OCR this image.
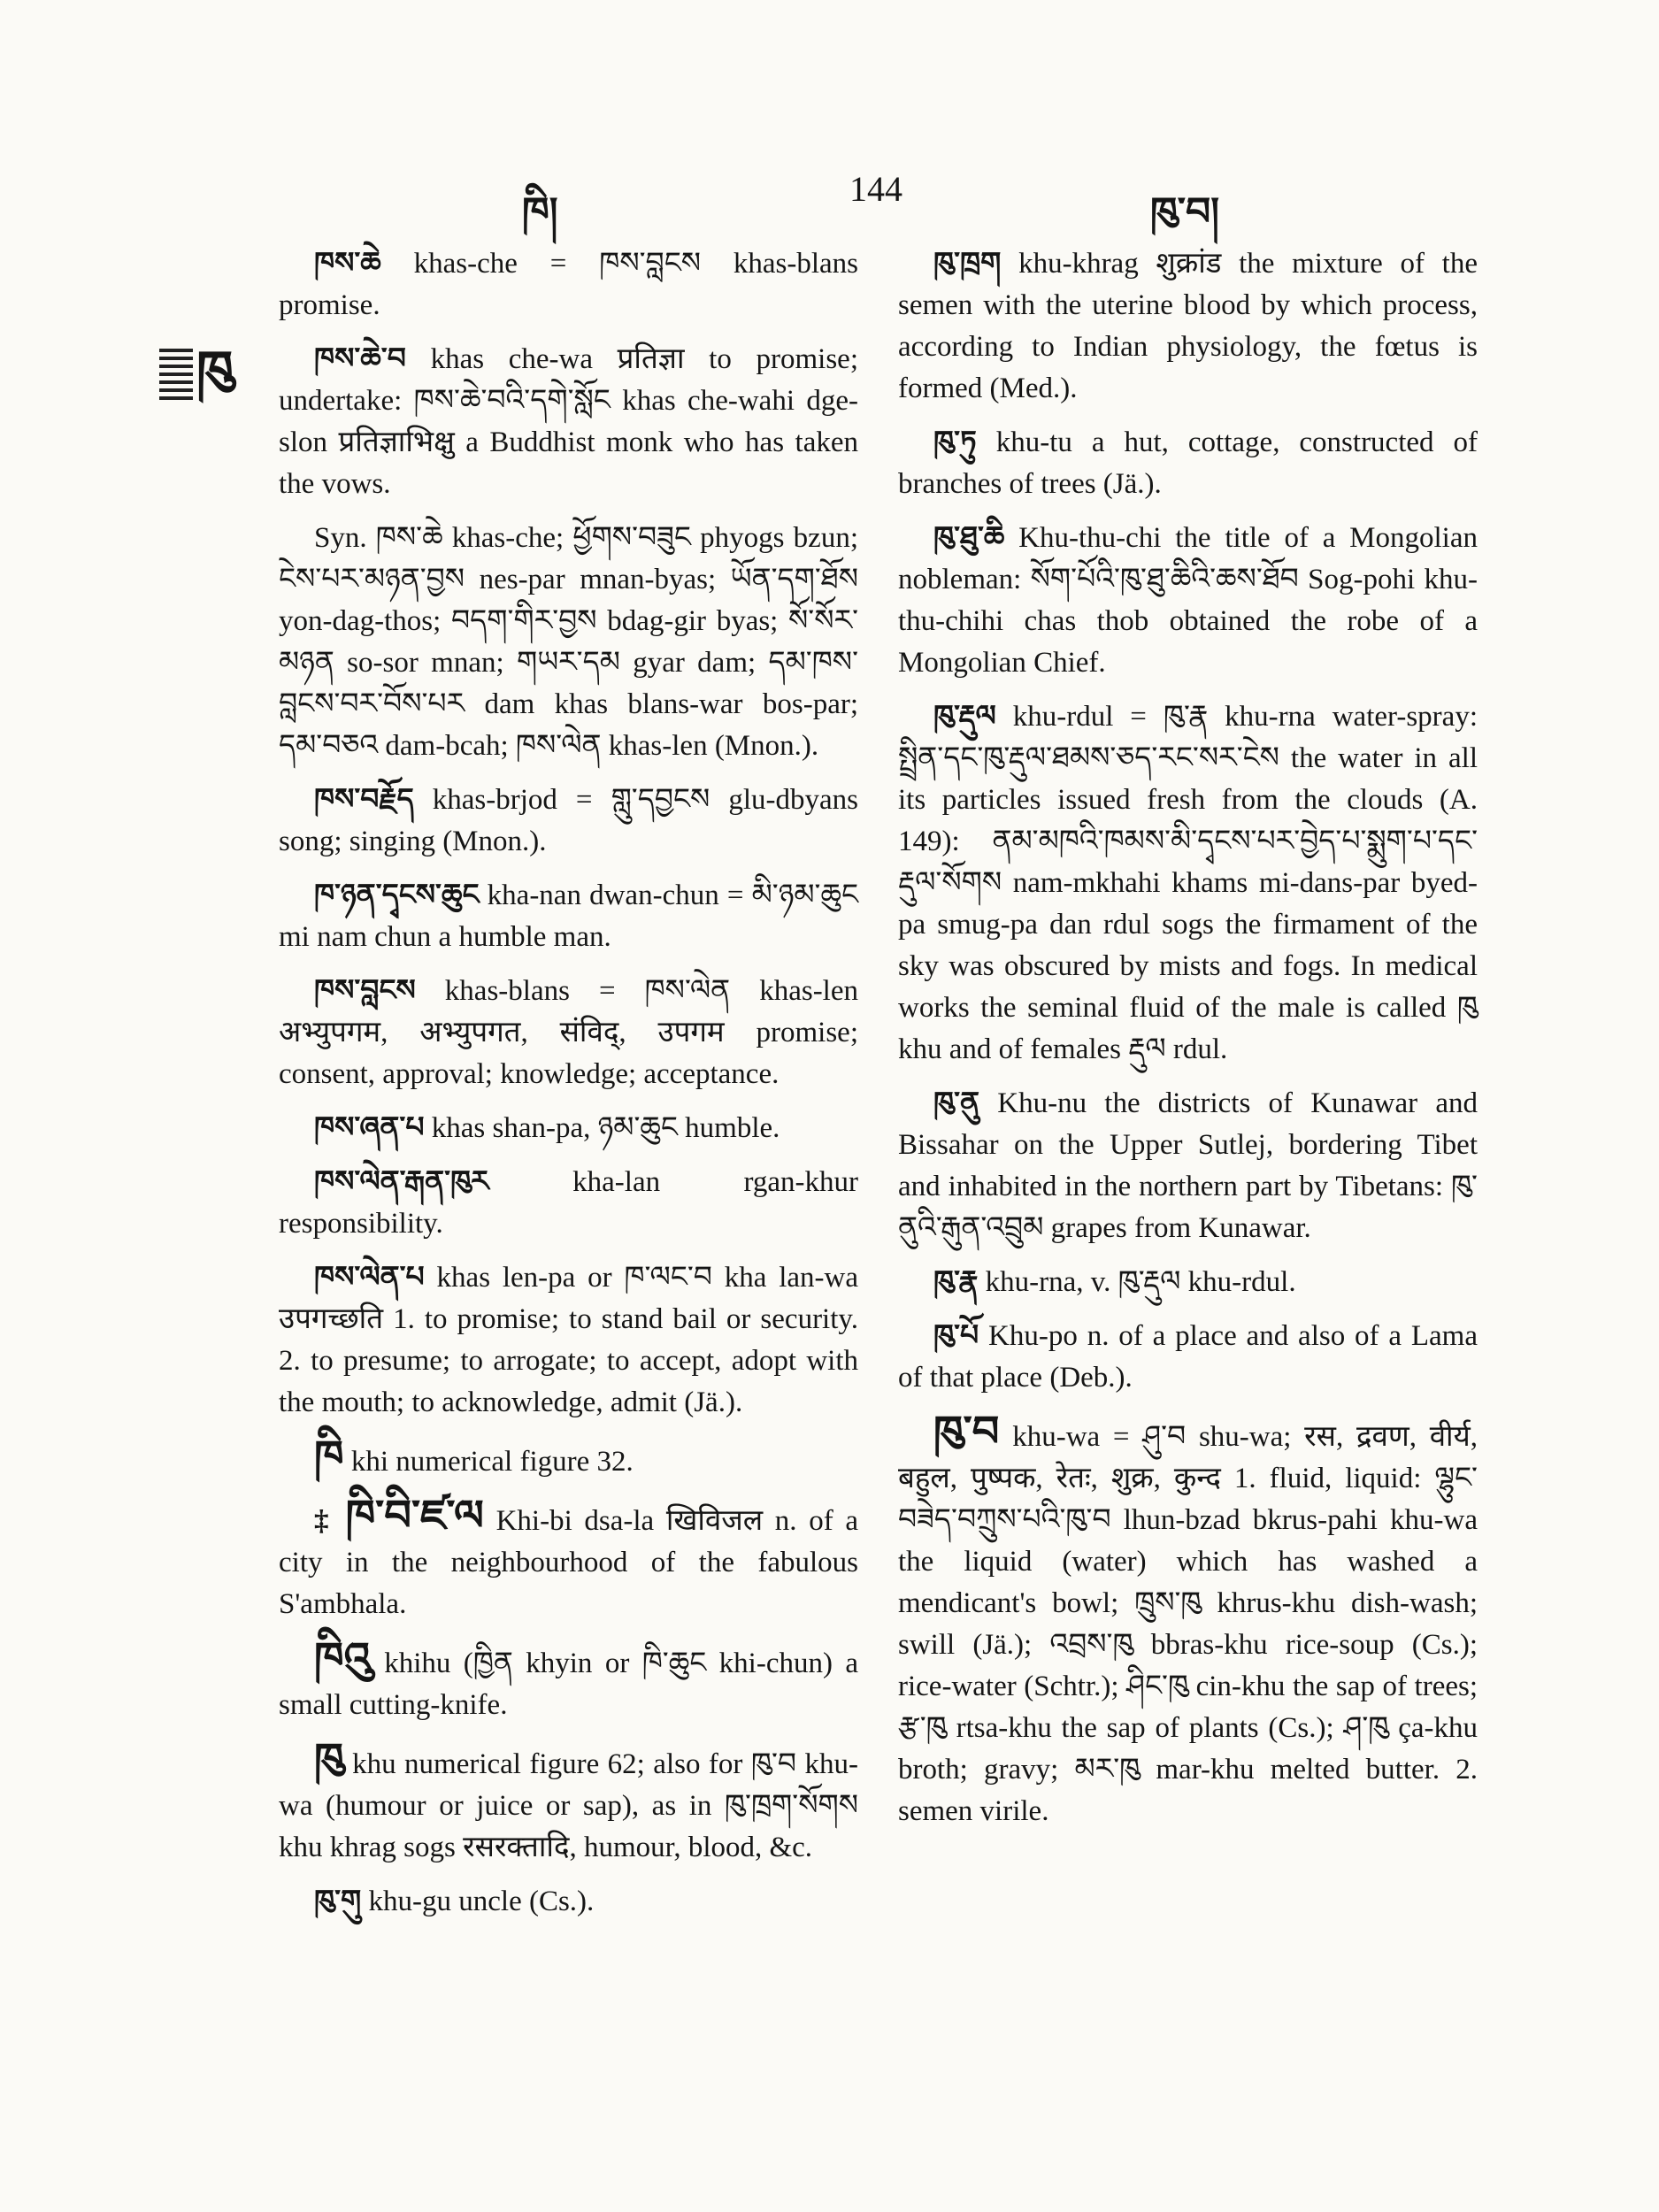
ཁི།
144
ཁུ་བ།
ཁུ

ཁས་ཆེ khas-che = ཁས་བླངས khas-blans promise.

ཁས་ཆེ་བ khas che-wa प्रतिज्ञा to promise; undertake: ཁས་ཆེ་བའི་དགེ་སློང khas che-wahi dge-slon प्रतिज्ञाभिक्षु a Buddhist monk who has taken the vows.

Syn. ཁས་ཆེ khas-che; ཕྱོགས་བཟུང phyogs bzun; ངེས་པར་མཉན་བྱས nes-par mnan-byas; ཡོན་དག་ཐོས yon-dag-thos; བདག་གིར་བྱས bdag-gir byas; སོ་སོར་མཉན so-sor mnan; གཡར་དམ gyar dam; དམ་ཁས་བླངས་བར་བོས་པར dam khas blans-war bos-par; དམ་བཅའ dam-bcah; ཁས་ལེན khas-len (Mnon.).

ཁས་བརྗོད khas-brjod = གླུ་དབྱངས glu-dbyans song; singing (Mnon.).

ཁ་ཉན་དྭངས་ཆུང kha-nan dwan-chun = མི་ཉམ་ཆུང mi nam chun a humble man.

ཁས་བླངས khas-blans = ཁས་ལེན khas-len अभ्युपगम, अभ्युपगत, संविद्, उपगम promise; consent, approval; knowledge; acceptance.

ཁས་ཞན་པ khas shan-pa, ཉམ་ཆུང humble.

ཁས་ལེན་རྒན་ཁུར kha-lan rgan-khur responsibility.

ཁས་ལེན་པ khas len-pa or ཁ་ལང་བ kha lan-wa उपगच्छति 1. to promise; to stand bail or security. 2. to presume; to arrogate; to accept, adopt with the mouth; to acknowledge, admit (Jä.).

ཁི khi numerical figure 32.

‡ ཁི་བི་ཛ་ལ Khi-bi dsa-la खिविजल n. of a city in the neighbourhood of the fabulous S'ambhala.

ཁིའུ khihu (ཁྱིན khyin or ཁི་ཆུང khi-chun) a small cutting-knife.

ཁུ khu numerical figure 62; also for ཁུ་བ khu-wa (humour or juice or sap), as in ཁུ་ཁྲག་སོགས khu khrag sogs रसरक्तादि, humour, blood, &c.

ཁུ་གུ khu-gu uncle (Cs.).

ཁུ་ཁྲག khu-khrag शुक्रांड the mixture of the semen with the uterine blood by which process, according to Indian physiology, the fœtus is formed (Med.).

ཁུ་ཏུ khu-tu a hut, cottage, constructed of branches of trees (Jä.).

ཁུ་ཐུ་ཆི Khu-thu-chi the title of a Mongolian nobleman: སོག་པོའི་ཁུ་ཐུ་ཆིའི་ཆས་ཐོབ Sog-pohi khu-thu-chihi chas thob obtained the robe of a Mongolian Chief.

ཁུ་རྡུལ khu-rdul = ཁུ་རྣ khu-rna water-spray: སྤྲིན་དང་ཁུ་རྡུལ་ཐམས་ཅད་རང་སར་ངེས the water in all its particles issued fresh from the clouds (A. 149): ནམ་མཁའི་ཁམས་མི་དྭངས་པར་བྱེད་པ་སྨུག་པ་དང་རྡུལ་སོགས nam-mkhahi khams mi-dans-par byed-pa smug-pa dan rdul sogs the firmament of the sky was obscured by mists and fogs. In medical works the seminal fluid of the male is called ཁུ khu and of females རྡུལ rdul.

ཁུ་ནུ Khu-nu the districts of Kunawar and Bissahar on the Upper Sutlej, bordering Tibet and inhabited in the northern part by Tibetans: ཁུ་ནུའི་རྒུན་འབྲུམ grapes from Kunawar.

ཁུ་རྣ khu-rna, v. ཁུ་རྡུལ khu-rdul.

ཁུ་པོ Khu-po n. of a place and also of a Lama of that place (Deb.).

ཁུ་བ khu-wa = ཤུ་བ shu-wa; रस, द्रवण, वीर्य, बहुल, पुष्पक, रेतः, शुक्र, कुन्द 1. fluid, liquid: ལྷུང་བཟེད་བཀྲུས་པའི་ཁུ་བ lhun-bzad bkrus-pahi khu-wa the liquid (water) which has washed a mendicant's bowl; ཁྲུས་ཁུ khrus-khu dish-wash; swill (Jä.); འབྲས་ཁུ bbras-khu rice-soup (Cs.); rice-water (Schtr.); ཤིང་ཁུ cin-khu the sap of trees; རྩ་ཁུ rtsa-khu the sap of plants (Cs.); ཤ་ཁུ ça-khu broth; gravy; མར་ཁུ mar-khu melted butter. 2. semen virile.
